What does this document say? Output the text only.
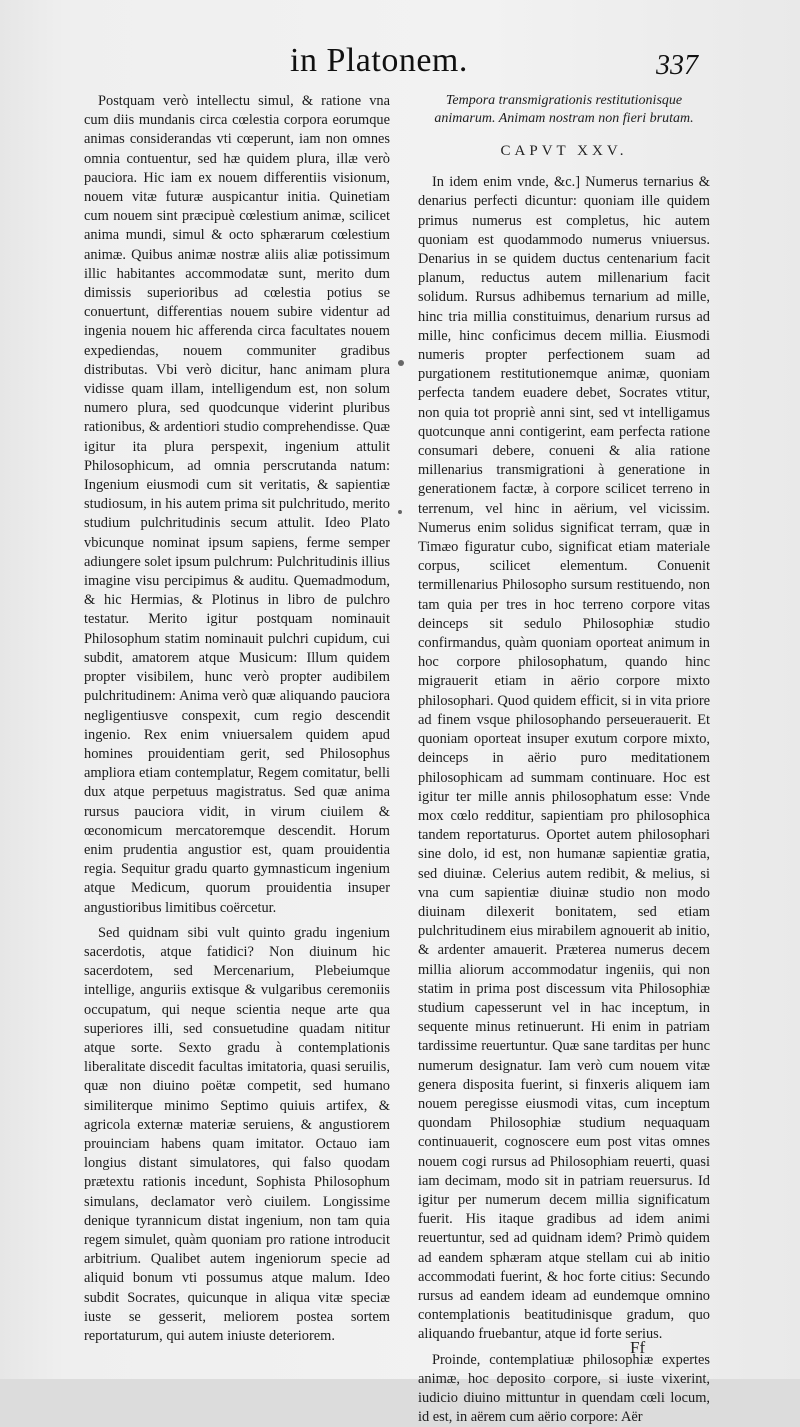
in Platonem.	337

Postquam verò intellectu simul, & ratione vna cum diis mundanis circa cœlestia corpora eorumque animas considerandas vti cœperunt, iam non omnes omnia contuentur, sed hæ quidem plura, illæ verò pauciora. Hic iam ex nouem differentiis visionum, nouem vitæ futuræ auspicantur initia. Quinetiam cum nouem sint præcipuè cœlestium animæ, scilicet anima mundi, simul & octo sphærarum cœlestium animæ. Quibus animæ nostræ aliis aliæ potissimum illic habitantes accommodatæ sunt, merito dum dimissis superioribus ad cœlestia potius se conuertunt, differentias nouem subire videntur ad ingenia nouem hic afferenda circa facultates nouem expediendas, nouem communiter gradibus distributas. Vbi verò dicitur, hanc animam plura vidisse quam illam, intelligendum est, non solum numero plura, sed quodcunque viderint pluribus rationibus, & ardentiori studio comprehendisse. Quæ igitur ita plura perspexit, ingenium attulit Philosophicum, ad omnia perscrutanda natum: Ingenium eiusmodi cum sit veritatis, & sapientiæ studiosum, in his autem prima sit pulchritudo, merito studium pulchritudinis secum attulit. Ideo Plato vbicunque nominat ipsum sapiens, ferme semper adiungere solet ipsum pulchrum: Pulchritudinis illius imagine visu percipimus & auditu. Quemadmodum, & hic Hermias, & Plotinus in libro de pulchro testatur. Merito igitur postquam nominauit Philosophum statim nominauit pulchri cupidum, cui subdit, amatorem atque Musicum: Illum quidem propter visibilem, hunc verò propter audibilem pulchritudinem: Anima verò quæ aliquando pauciora negligentiusve conspexit, cum regio descendit ingenio. Rex enim vniuersalem quidem apud homines prouidentiam gerit, sed Philosophus ampliora etiam contemplatur, Regem comitatur, belli dux atque perpetuus magistratus. Sed quæ anima rursus pauciora vidit, in virum ciuilem & œconomicum mercatoremque descendit. Horum enim prudentia angustior est, quam prouidentia regia. Sequitur gradu quarto gymnasticum ingenium atque Medicum, quorum prouidentia insuper angustioribus limitibus coërcetur.

Sed quidnam sibi vult quinto gradu ingenium sacerdotis, atque fatidici? Non diuinum hic sacerdotem, sed Mercenarium, Plebeiumque intellige, anguriis extisque & vulgaribus ceremoniis occupatum, qui neque scientia neque arte qua superiores illi, sed consuetudine quadam nititur atque sorte. Sexto gradu à contemplationis liberalitate discedit facultas imitatoria, quasi seruilis, quæ non diuino poëtæ competit, sed humano similiterque minimo Septimo quiuis artifex, & agricola externæ materiæ seruiens, & angustiorem prouinciam habens quam imitator. Octauo iam longius distant simulatores, qui falso quodam prætextu rationis incedunt, Sophista Philosophum simulans, declamator verò ciuilem. Longissime denique tyrannicum distat ingenium, non tam quia regem simulet, quàm quoniam pro ratione introducit arbitrium. Qualibet autem ingeniorum specie ad aliquid bonum vti possumus atque malum. Ideo subdit Socrates, quicunque in aliqua vitæ speciæ iuste se gesserit, meliorem postea sortem reportaturum, qui autem iniuste deteriorem.

Tempora transmigrationis restitutionisque animarum. Animam nostram non fieri brutam.
CAPVT XXV.

In idem enim vnde, &c.] Numerus ternarius & denarius perfecti dicuntur: quoniam ille quidem primus numerus est completus, hic autem quoniam est quodammodo numerus vniuersus. Denarius in se quidem ductus centenarium facit planum, reductus autem millenarium facit solidum. Rursus adhibemus ternarium ad mille, hinc tria millia constituimus, denarium rursus ad mille, hinc conficimus decem millia. Eiusmodi numeris propter perfectionem suam ad purgationem restitutionemque animæ, quoniam perfecta tandem euadere debet, Socrates vtitur, non quia tot propriè anni sint, sed vt intelligamus quotcunque anni contigerint, eam perfecta ratione consumari debere, conueni & alia ratione millenarius transmigrationi à generatione in generationem factæ, à corpore scilicet terreno in terrenum, vel hinc in aërium, vel vicissim. Numerus enim solidus significat terram, quæ in Timæo figuratur cubo, significat etiam materiale corpus, scilicet elementum. Conuenit termillenarius Philosopho sursum restituendo, non tam quia per tres in hoc terreno corpore vitas deinceps sit sedulo Philosophiæ studio confirmandus, quàm quoniam oporteat animum in hoc corpore philosophatum, quando hinc migrauerit etiam in aërio corpore mixto philosophari. Quod quidem efficit, si in vita priore ad finem vsque philosophando perseuerauerit. Et quoniam oporteat insuper exutum corpore mixto, deinceps in aërio puro meditationem philosophicam ad summam continuare. Hoc est igitur ter mille annis philosophatum esse: Vnde mox cœlo redditur, sapientiam pro philosophica tandem reportaturus. Oportet autem philosophari sine dolo, id est, non humanæ sapientiæ gratia, sed diuinæ. Celerius autem redibit, & melius, si vna cum sapientiæ diuinæ studio non modo diuinam dilexerit bonitatem, sed etiam pulchritudinem eius mirabilem agnouerit ab initio, & ardenter amauerit. Præterea numerus decem millia aliorum accommodatur ingeniis, qui non statim in prima post discessum vita Philosophiæ studium capesserunt vel in hac inceptum, in sequente minus retinuerunt. Hi enim in patriam tardissime reuertuntur. Quæ sane tarditas per hunc numerum designatur. Iam verò cum nouem vitæ genera disposita fuerint, si finxeris aliquem iam nouem peregisse eiusmodi vitas, cum inceptum quondam Philosophiæ studium nequaquam continuauerit, cognoscere eum post vitas omnes nouem cogi rursus ad Philosophiam reuerti, quasi iam decimam, modo sit in patriam reuersurus. Id igitur per numerum decem millia significatum fuerit. His itaque gradibus ad idem animi reuertuntur, sed ad quidnam idem? Primò quidem ad eandem sphæram atque stellam cui ab initio accommodati fuerint, & hoc forte citius: Secundo rursus ad eandem ideam ad eundemque omnino contemplationis beatitudinisque gradum, quo aliquando fruebantur, atque id forte serius.

Proinde, contemplatiuæ philosophiæ expertes animæ, hoc deposito corpore, si iuste vixerint, iudicio diuino mittuntur in quendam cœli locum, id est, in aërem cum aërio corpore: Aër

Ff
